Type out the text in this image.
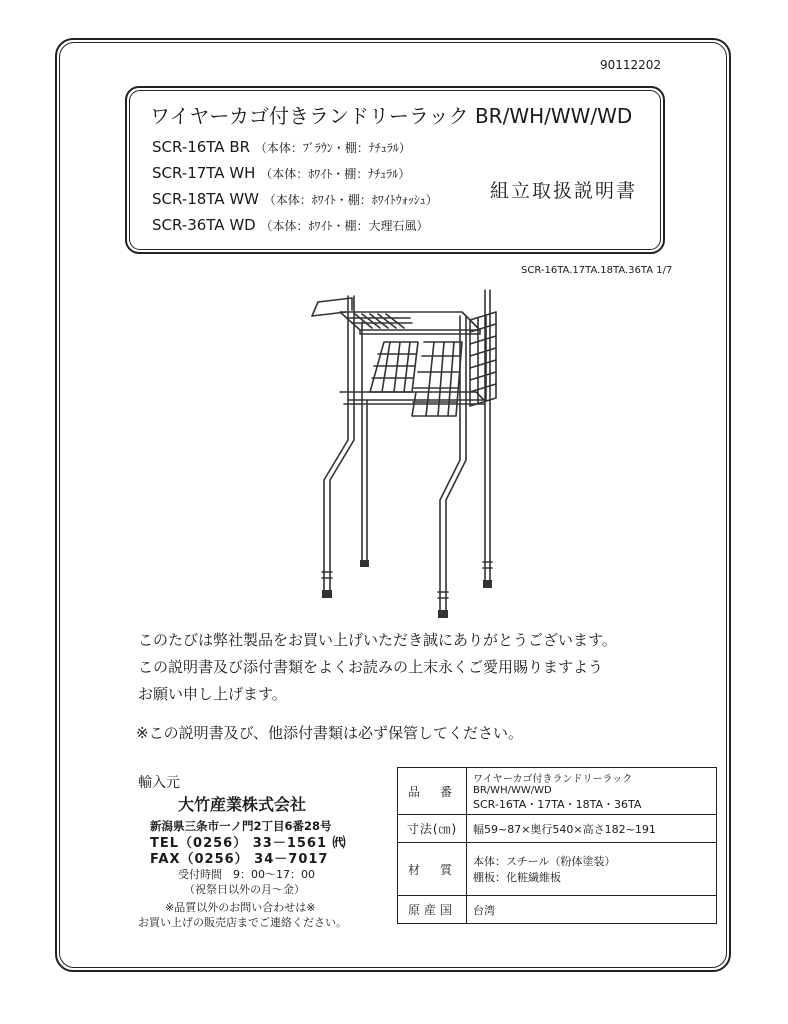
90112202
ワイヤーカゴ付きランドリーラック BR/WH/WW/WD
SCR-16TA BR （本体：ﾌﾞﾗｳﾝ・棚：ﾅﾁｭﾗﾙ）
SCR-17TA WH （本体：ﾎﾜｲﾄ・棚：ﾅﾁｭﾗﾙ）
SCR-18TA WW （本体：ﾎﾜｲﾄ・棚：ﾎﾜｲﾄｳｫｯｼｭ）
SCR-36TA WD （本体：ﾎﾜｲﾄ・棚：大理石風）
組立取扱説明書
SCR-16TA.17TA.18TA.36TA 1/7
このたびは弊社製品をお買い上げいただき誠にありがとうございます。
この説明書及び添付書類をよくお読みの上末永くご愛用賜りますよう
お願い申し上げます。
※この説明書及び、他添付書類は必ず保管してください。
輸入元
大竹産業株式会社
新潟県三条市一ノ門2丁目6番28号
TEL（0256） 33－1561 ㈹
FAX（0256） 34－7017
受付時間　9：00～17：00
（祝祭日以外の月～金）
※品質以外のお問い合わせは※
お買い上げの販売店までご連絡ください。
品　番	ワイヤーカゴ付きランドリーラック BR/WH/WW/WD
SCR-16TA・17TA・18TA・36TA

寸法(㎝)	幅59~87×奥行540×高さ182~191

材　質	本体：スチール（粉体塗装）
棚板：化粧繊維板

原産国	台湾
